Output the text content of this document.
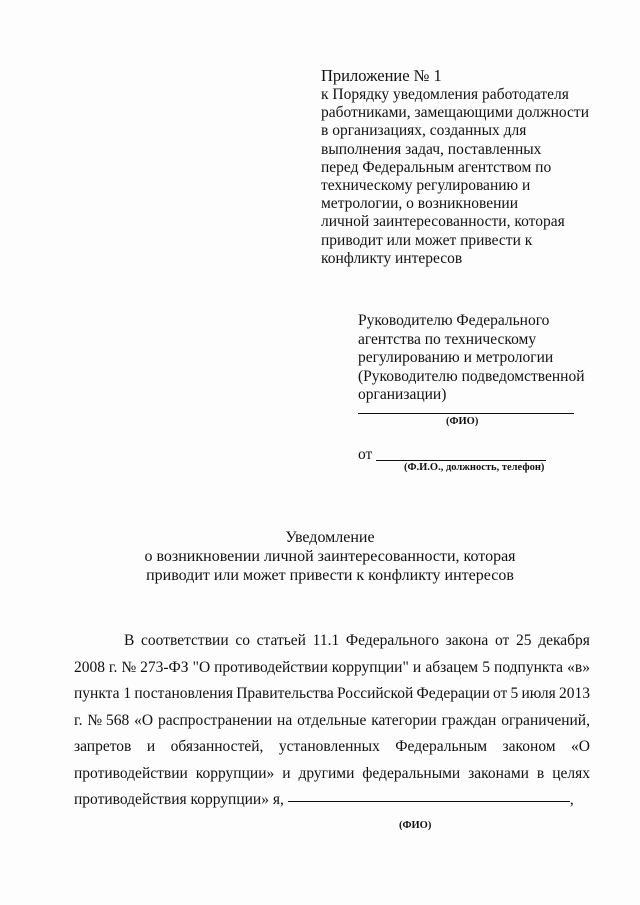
Приложение № 1
к Порядку уведомления работодателя
работниками, замещающими должности
в организациях, созданных для
выполнения задач, поставленных
перед Федеральным агентством по
техническому регулированию и
метрологии, о возникновении
личной заинтересованности, которая
приводит или может привести к
конфликту интересов
Руководителю Федерального
агентства по техническому
регулированию и метрологии
(Руководителю подведомственной
организации)
(ФИО)
от
(Ф.И.О., должность, телефон)
Уведомление
о возникновении личной заинтересованности, которая
приводит или может привести к конфликту интересов
В соответствии со статьей 11.1 Федерального закона от 25 декабря
2008 г. № 273-ФЗ "О противодействии коррупции" и абзацем 5 подпункта «в»
пункта 1 постановления Правительства Российской Федерации от 5 июля 2013
г. № 568 «О распространении на отдельные категории граждан ограничений,
запретов и обязанностей, установленных Федеральным законом «О
противодействии коррупции» и другими федеральными законами в целях
противодействия коррупции» я,	,
(ФИО)
